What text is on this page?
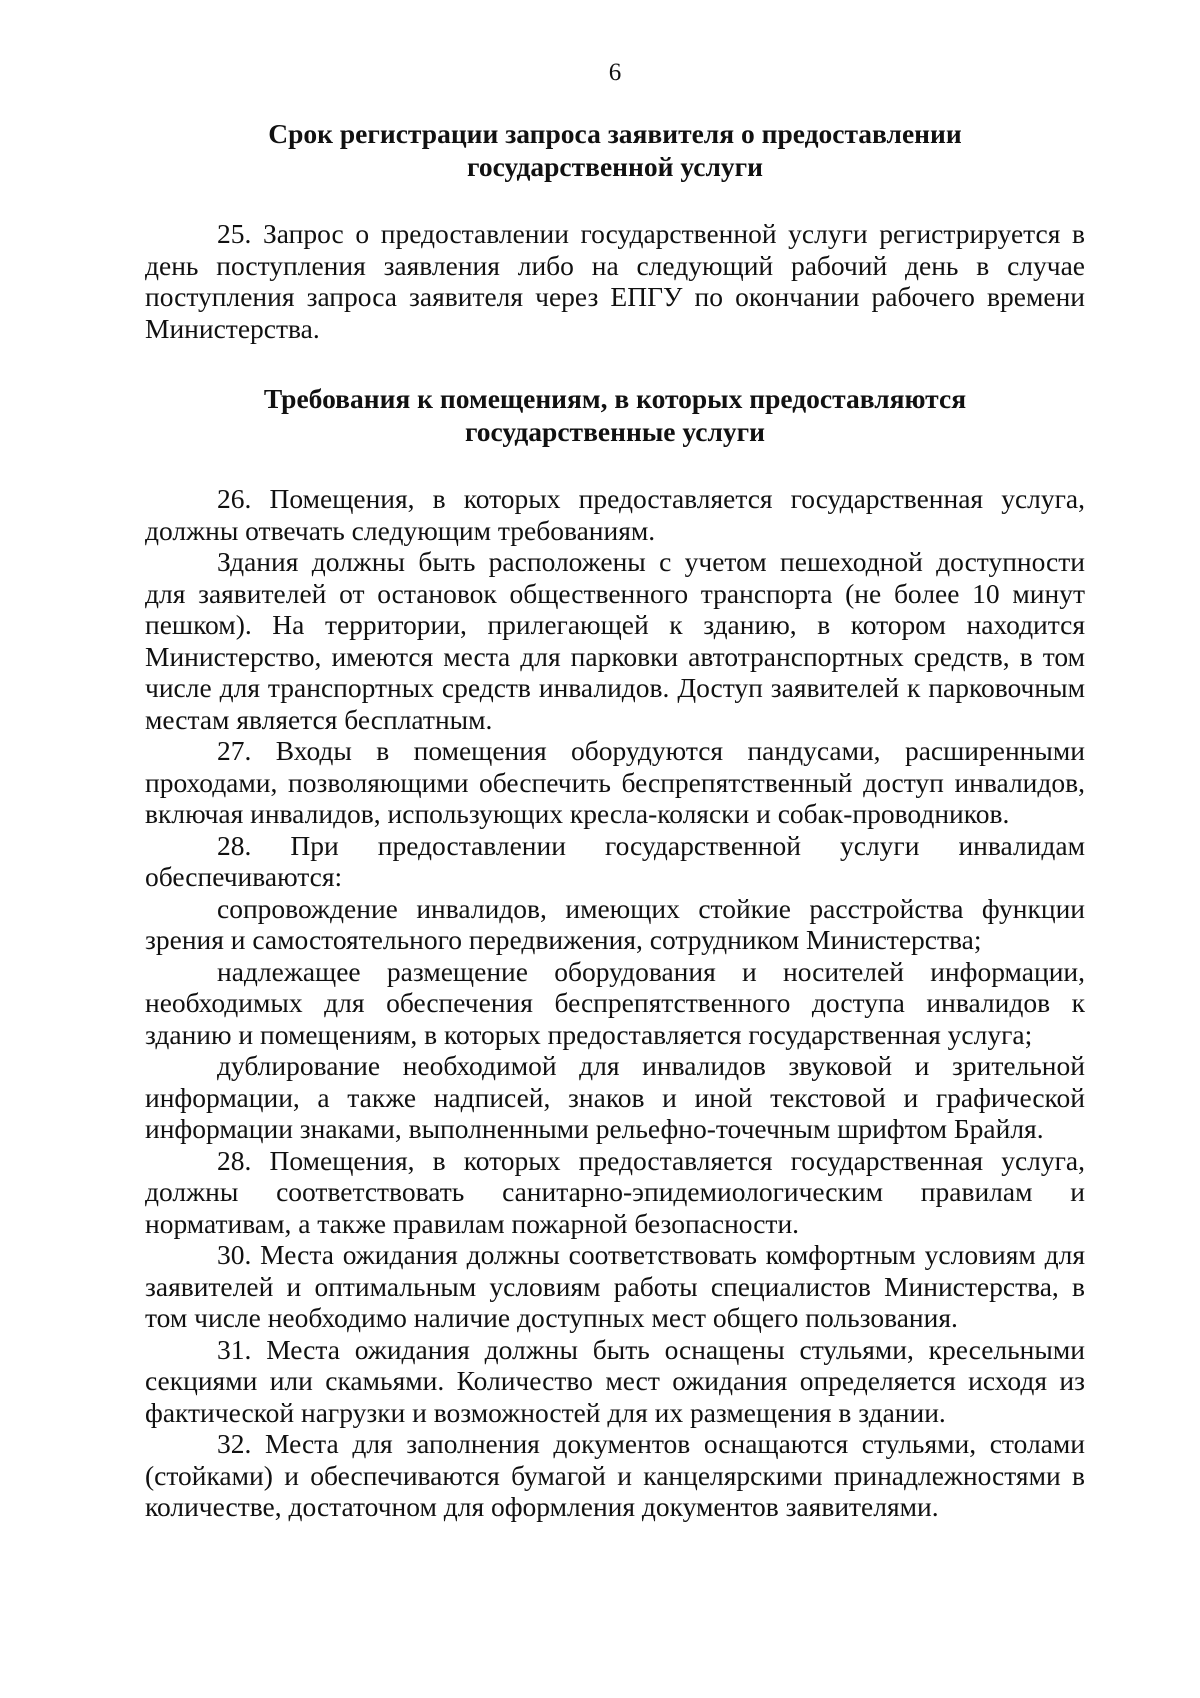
6
Срок регистрации запроса заявителя о предоставлении
государственной услуги

25. Запрос о предоставлении государственной услуги регистрируется в день поступления заявления либо на следующий рабочий день в случае поступления запроса заявителя через ЕПГУ по окончании рабочего времени Министерства.

Требования к помещениям, в которых предоставляются
государственные услуги

26. Помещения, в которых предоставляется государственная услуга, должны отвечать следующим требованиям.

Здания должны быть расположены с учетом пешеходной доступности для заявителей от остановок общественного транспорта (не более 10 минут пешком). На территории, прилегающей к зданию, в котором находится Министерство, имеются места для парковки автотранспортных средств, в том числе для транспортных средств инвалидов. Доступ заявителей к парковочным местам является бесплатным.

27. Входы в помещения оборудуются пандусами, расширенными проходами, позволяющими обеспечить беспрепятственный доступ инвалидов, включая инвалидов, использующих кресла-коляски и собак-проводников.

28. При предоставлении государственной услуги инвалидам обеспечиваются:

сопровождение инвалидов, имеющих стойкие расстройства функции зрения и самостоятельного передвижения, сотрудником Министерства;

надлежащее размещение оборудования и носителей информации, необходимых для обеспечения беспрепятственного доступа инвалидов к зданию и помещениям, в которых предоставляется государственная услуга;

дублирование необходимой для инвалидов звуковой и зрительной информации, а также надписей, знаков и иной текстовой и графической информации знаками, выполненными рельефно-точечным шрифтом Брайля.

28. Помещения, в которых предоставляется государственная услуга, должны соответствовать санитарно-эпидемиологическим правилам и нормативам, а также правилам пожарной безопасности.

30. Места ожидания должны соответствовать комфортным условиям для заявителей и оптимальным условиям работы специалистов Министерства, в том числе необходимо наличие доступных мест общего пользования.

31. Места ожидания должны быть оснащены стульями, кресельными секциями или скамьями. Количество мест ожидания определяется исходя из фактической нагрузки и возможностей для их размещения в здании.

32. Места для заполнения документов оснащаются стульями, столами (стойками) и обеспечиваются бумагой и канцелярскими принадлежностями в количестве, достаточном для оформления документов заявителями.
